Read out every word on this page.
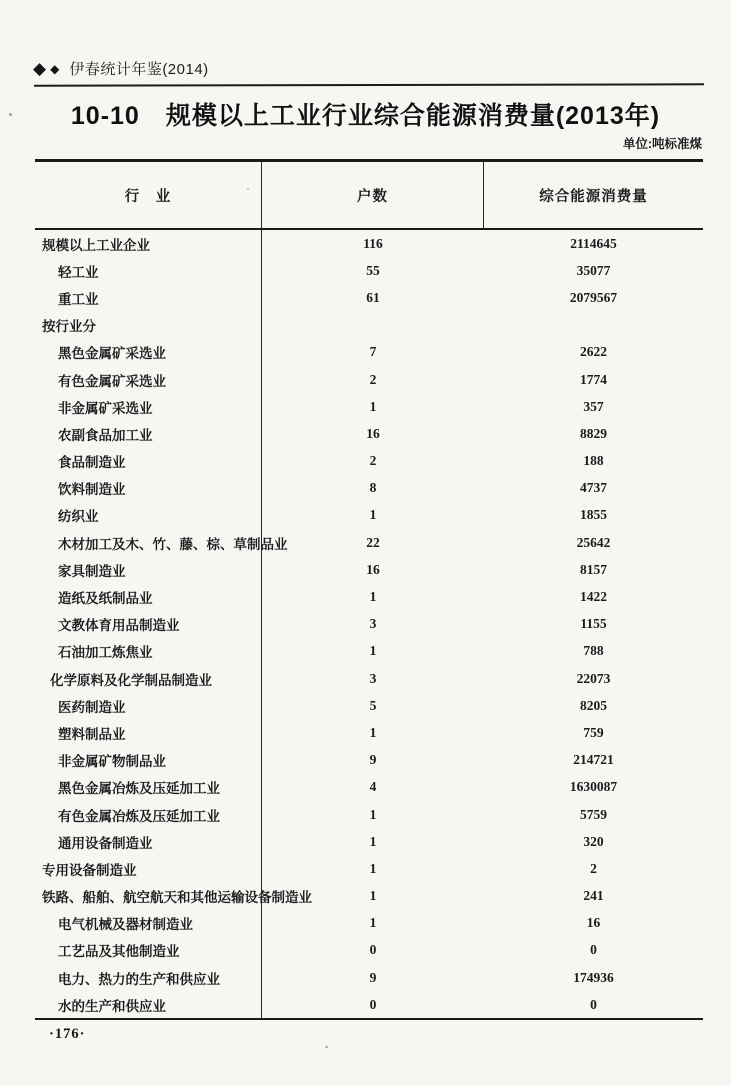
◆ ◆ 伊春统计年鉴(2014)
10-10　规模以上工业行业综合能源消费量(2013年)
单位:吨标准煤
行　业	户数	综合能源消费量
规模以上工业企业	116	2114645
轻工业	55	35077
重工业	61	2079567
按行业分
黑色金属矿采选业	7	2622
有色金属矿采选业	2	1774
非金属矿采选业	1	357
农副食品加工业	16	8829
食品制造业	2	188
饮料制造业	8	4737
纺织业	1	1855
木材加工及木、竹、藤、棕、草制品业	22	25642
家具制造业	16	8157
造纸及纸制品业	1	1422
文教体育用品制造业	3	1155
石油加工炼焦业	1	788
化学原料及化学制品制造业	3	22073
医药制造业	5	8205
塑料制品业	1	759
非金属矿物制品业	9	214721
黑色金属冶炼及压延加工业	4	1630087
有色金属冶炼及压延加工业	1	5759
通用设备制造业	1	320
专用设备制造业	1	2
铁路、船舶、航空航天和其他运输设备制造业	1	241
电气机械及器材制造业	1	16
工艺品及其他制造业	0	0
电力、热力的生产和供应业	9	174936
水的生产和供应业	0	0
·176·
